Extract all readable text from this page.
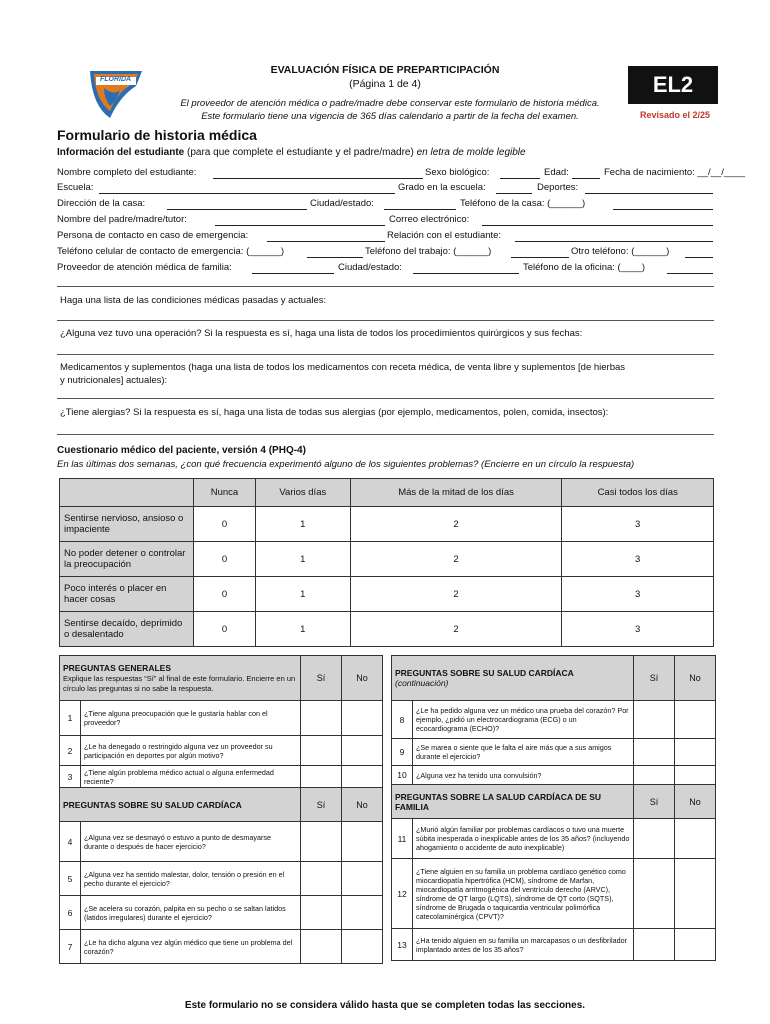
FLORIDA
EVALUACIÓN FÍSICA DE PREPARTICIPACIÓN
(Página 1 de 4)
El proveedor de atención médica o padre/madre debe conservar este formulario de historia médica.
Este formulario tiene una vigencia de 365 días calendario a partir de la fecha del examen.
EL2
Revisado el 2/25
Formulario de historia médica
Información del estudiante (para que complete el estudiante y el padre/madre) en letra de molde legible
Nombre completo del estudiante:	Sexo biológico:	Edad:	Fecha de nacimiento: __/__/____
Escuela:	Grado en la escuela:	Deportes:
Dirección de la casa:	Ciudad/estado:	Teléfono de la casa: (______)
Nombre del padre/madre/tutor:	Correo electrónico:
Persona de contacto en caso de emergencia:	Relación con el estudiante:
Teléfono celular de contacto de emergencia: (______)	Teléfono del trabajo: (______)	Otro teléfono: (______)
Proveedor de atención médica de familia:	Ciudad/estado:	Teléfono de la oficina: (____)
Haga una lista de las condiciones médicas pasadas y actuales:
¿Alguna vez tuvo una operación? Si la respuesta es sí, haga una lista de todos los procedimientos quirúrgicos y sus fechas:
Medicamentos y suplementos (haga una lista de todos los medicamentos con receta médica, de venta libre y suplementos [de hierbas
y nutricionales] actuales):
¿Tiene alergias? Si la respuesta es sí, haga una lista de todas sus alergias (por ejemplo, medicamentos, polen, comida, insectos):
Cuestionario médico del paciente, versión 4 (PHQ-4)
En las últimas dos semanas, ¿con qué frecuencia experimentó alguno de los siguientes problemas? (Encierre en un círculo la respuesta)
	Nunca	Varios días	Más de la mitad de los días	Casi todos los días
Sentirse nervioso, ansioso o impaciente	0	1	2	3
No poder detener o controlar la preocupación	0	1	2	3
Poco interés o placer en hacer cosas	0	1	2	3
Sentirse decaído, deprimido o desalentado	0	1	2	3
PREGUNTAS GENERALES
Explique las respuestas “Sí” al final de este formulario. Encierre en un círculo las preguntas si no sabe la respuesta.		Sí	No
1	¿Tiene alguna preocupación que le gustaría hablar con el proveedor?		
2	¿Le ha denegado o restringido alguna vez un proveedor su participación en deportes por algún motivo?		
3	¿Tiene algún problema médico actual o alguna enfermedad reciente?		
PREGUNTAS SOBRE SU SALUD CARDÍACA		Sí	No
4	¿Alguna vez se desmayó o estuvo a punto de desmayarse durante o después de hacer ejercicio?		
5	¿Alguna vez ha sentido malestar, dolor, tensión o presión en el pecho durante el ejercicio?		
6	¿Se acelera su corazón, palpita en su pecho o se saltan latidos (latidos irregulares) durante el ejercicio?		
7	¿Le ha dicho alguna vez algún médico que tiene un problema del corazón?		
PREGUNTAS SOBRE SU SALUD CARDÍACA
(continuación)		Sí	No
8	¿Le ha pedido alguna vez un médico una prueba del corazón? Por ejemplo, ¿pidió un electrocardiograma (ECG) o un ecocardiograma (ECHO)?		
9	¿Se marea o siente que le falta el aire más que a sus amigos durante el ejercicio?		
10	¿Alguna vez ha tenido una convulsión?		
PREGUNTAS SOBRE LA SALUD CARDÍACA DE SU FAMILIA		Sí	No
11	¿Murió algún familiar por problemas cardíacos o tuvo una muerte súbita inesperada o inexplicable antes de los 35 años? (incluyendo ahogamiento o accidente de auto inexplicable)		
12	¿Tiene alguien en su familia un problema cardíaco genético como miocardiopatía hipertrófica (HCM), síndrome de Marfan, miocardiopatía arritmogénica del ventrículo derecho (ARVC), síndrome de QT largo (LQTS), síndrome de QT corto (SQTS), síndrome de Brugada o taquicardia ventricular polimórfica catecolaminérgica (CPVT)?		
13	¿Ha tenido alguien en su familia un marcapasos o un desfibrilador implantado antes de los 35 años?		
Este formulario no se considera válido hasta que se completen todas las secciones.
